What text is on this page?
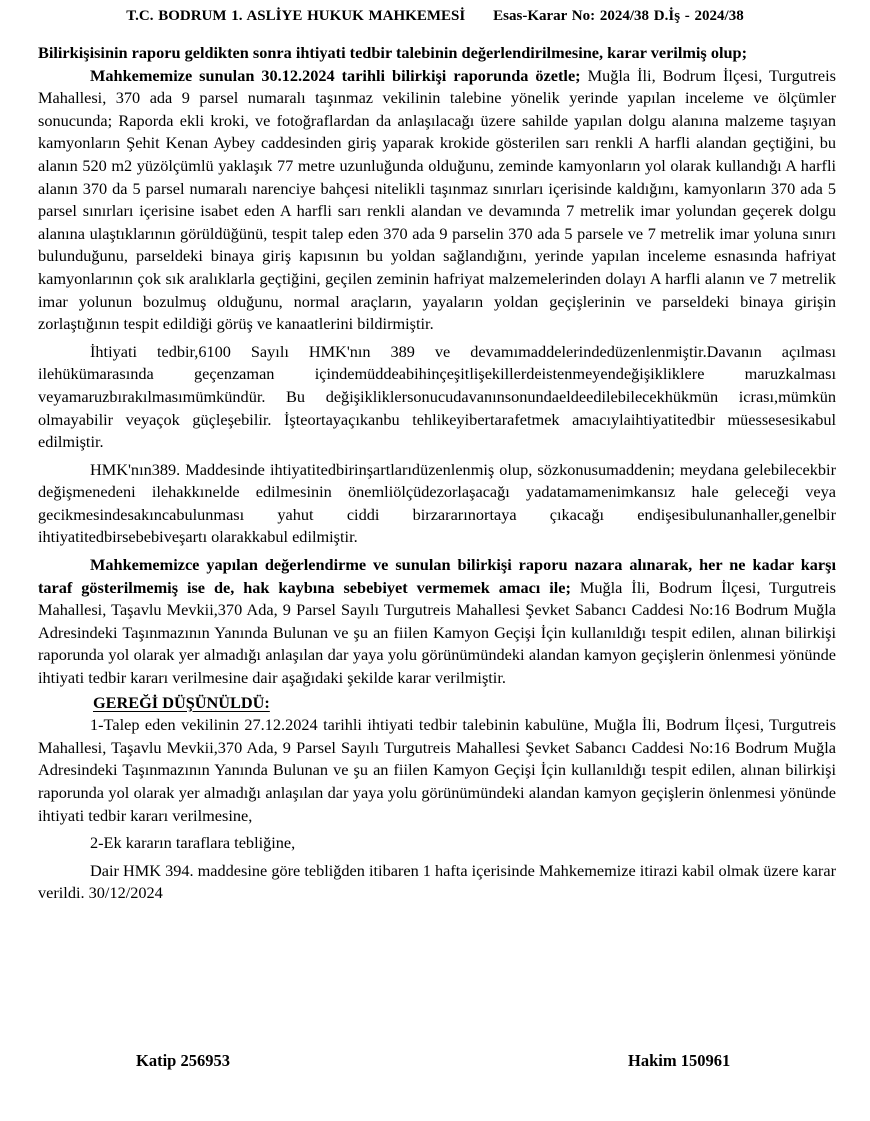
T.C. BODRUM 1. ASLİYE HUKUK MAHKEMESİ Esas-Karar No: 2024/38 D.İş - 2024/38

Bilirkişisinin raporu geldikten sonra ihtiyati tedbir talebinin değerlendirilmesine, karar verilmiş olup;

Mahkememize sunulan 30.12.2024 tarihli bilirkişi raporunda özetle; Muğla İli, Bodrum İlçesi, Turgutreis Mahallesi, 370 ada 9 parsel numaralı taşınmaz vekilinin talebine yönelik yerinde yapılan inceleme ve ölçümler sonucunda; Raporda ekli kroki, ve fotoğraflardan da anlaşılacağı üzere sahilde yapılan dolgu alanına malzeme taşıyan kamyonların Şehit Kenan Aybey caddesinden giriş yaparak krokide gösterilen sarı renkli A harfli alandan geçtiğini, bu alanın 520 m2 yüzölçümlü yaklaşık 77 metre uzunluğunda olduğunu, zeminde kamyonların yol olarak kullandığı A harfli alanın 370 da 5 parsel numaralı narenciye bahçesi nitelikli taşınmaz sınırları içerisinde kaldığını, kamyonların 370 ada 5 parsel sınırları içerisine isabet eden A harfli sarı renkli alandan ve devamında 7 metrelik imar yolundan geçerek dolgu alanına ulaştıklarının görüldüğünü, tespit talep eden 370 ada 9 parselin 370 ada 5 parsele ve 7 metrelik imar yoluna sınırı bulunduğunu, parseldeki binaya giriş kapısının bu yoldan sağlandığını, yerinde yapılan inceleme esnasında hafriyat kamyonlarının çok sık aralıklarla geçtiğini, geçilen zeminin hafriyat malzemelerinden dolayı A harfli alanın ve 7 metrelik imar yolunun bozulmuş olduğunu, normal araçların, yayaların yoldan geçişlerinin ve parseldeki binaya girişin zorlaştığının tespit edildiği görüş ve kanaatlerini bildirmiştir.

İhtiyati tedbir,6100 Sayılı HMK'nın 389 ve devamımaddelerindedüzenlenmiştir.Davanın açılması ilehükümarasında geçenzaman içindemüddeabihinçeşitlişekillerdeistenmeyendeğişikliklere maruzkalması veyamaruzbırakılmasımümkündür. Bu değişikliklersonucudavanınsonundaeldeedilebilecekhükmün icrası,mümkün olmayabilir veyaçok güçleşebilir. İşteortayaçıkanbu tehlikeyibertarafetmek amacıylaihtiyatitedbir müessesesikabul edilmiştir.

HMK'nın389. Maddesinde ihtiyatitedbirinşartlarıdüzenlenmiş olup, sözkonusumaddenin; meydana gelebilecekbir değişmenedeni ilehakkınelde edilmesinin önemliölçüdezorlaşacağı yadatamamenimkansız hale geleceği veya gecikmesindesakıncabulunması yahut ciddi birzararınortaya çıkacağı endişesibulunanhaller,genelbir ihtiyatitedbirsebebiveşartı olarakkabul edilmiştir.

Mahkememizce yapılan değerlendirme ve sunulan bilirkişi raporu nazara alınarak, her ne kadar karşı taraf gösterilmemiş ise de, hak kaybına sebebiyet vermemek amacı ile; Muğla İli, Bodrum İlçesi, Turgutreis Mahallesi, Taşavlu Mevkii,370 Ada, 9 Parsel Sayılı Turgutreis Mahallesi Şevket Sabancı Caddesi No:16 Bodrum Muğla Adresindeki Taşınmazının Yanında Bulunan ve şu an fiilen Kamyon Geçişi İçin kullanıldığı tespit edilen, alınan bilirkişi raporunda yol olarak yer almadığı anlaşılan dar yaya yolu görünümündeki alandan kamyon geçişlerin önlenmesi yönünde ihtiyati tedbir kararı verilmesine dair aşağıdaki şekilde karar verilmiştir.

GEREĞİ DÜŞÜNÜLDÜ:

1-Talep eden vekilinin 27.12.2024 tarihli ihtiyati tedbir talebinin kabulüne, Muğla İli, Bodrum İlçesi, Turgutreis Mahallesi, Taşavlu Mevkii,370 Ada, 9 Parsel Sayılı Turgutreis Mahallesi Şevket Sabancı Caddesi No:16 Bodrum Muğla Adresindeki Taşınmazının Yanında Bulunan ve şu an fiilen Kamyon Geçişi İçin kullanıldığı tespit edilen, alınan bilirkişi raporunda yol olarak yer almadığı anlaşılan dar yaya yolu görünümündeki alandan kamyon geçişlerin önlenmesi yönünde ihtiyati tedbir kararı verilmesine,

2-Ek kararın taraflara tebliğine,

Dair HMK 394. maddesine göre tebliğden itibaren 1 hafta içerisinde Mahkememize itirazi kabil olmak üzere karar verildi. 30/12/2024

Katip 256953	Hakim 150961
